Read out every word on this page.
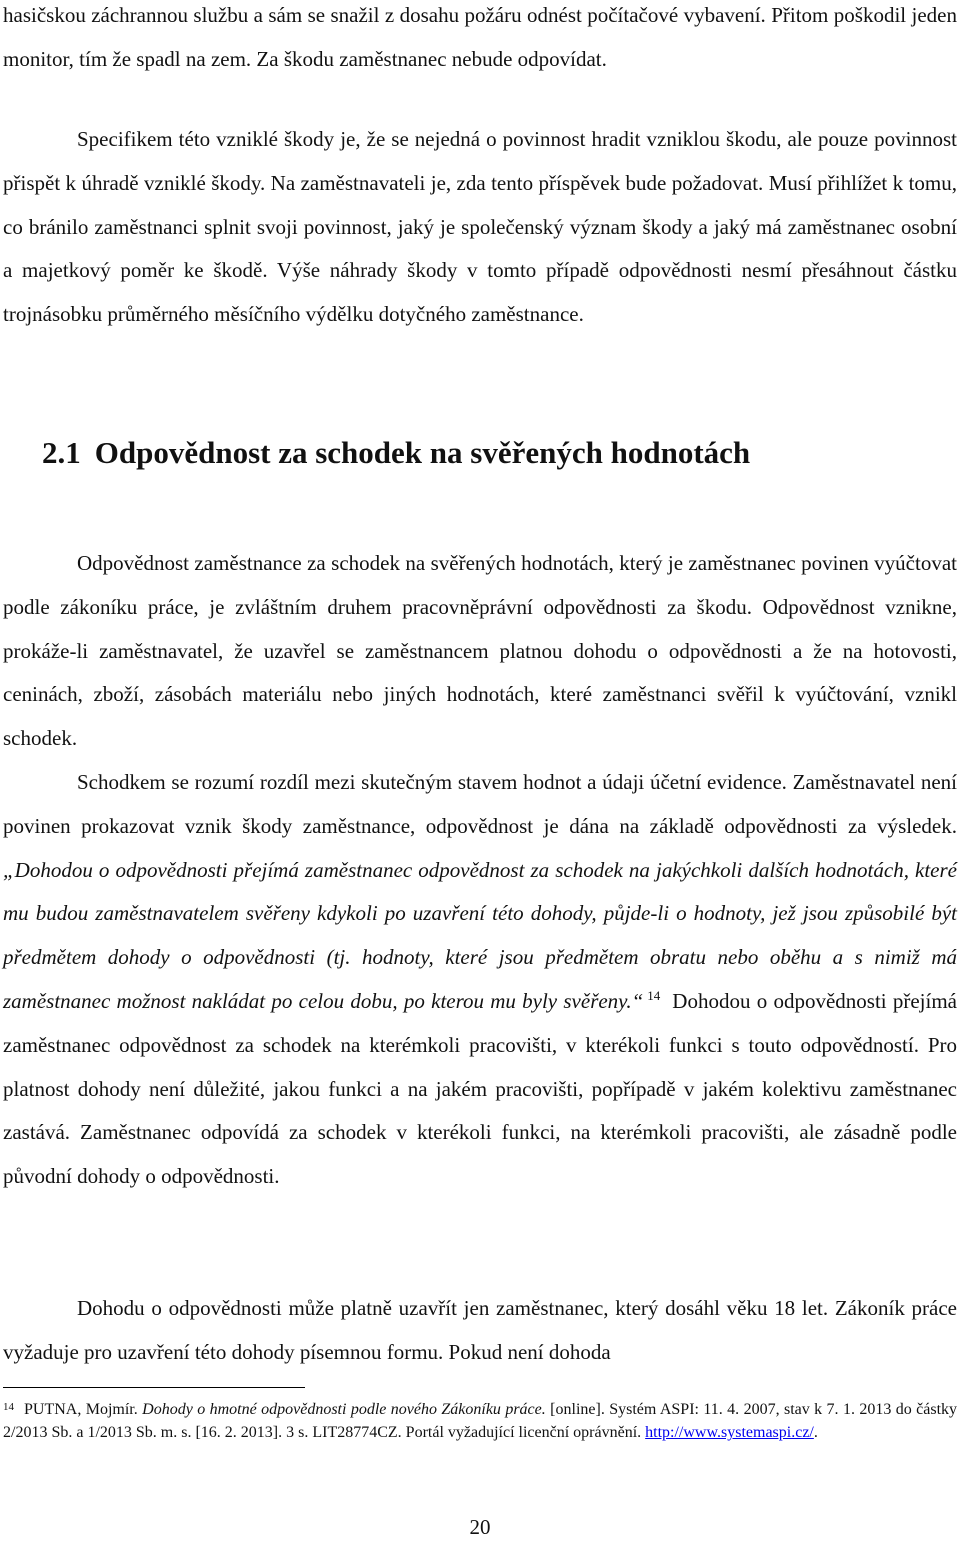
hasičskou záchrannou službu a sám se snažil z dosahu požáru odnést počítačové vybavení. Přitom poškodil jeden monitor, tím že spadl na zem. Za škodu zaměstnanec nebude odpovídat.

Specifikem této vzniklé škody je, že se nejedná o povinnost hradit vzniklou škodu, ale pouze povinnost přispět k úhradě vzniklé škody. Na zaměstnavateli je, zda tento příspěvek bude požadovat. Musí přihlížet k tomu, co bránilo zaměstnanci splnit svoji povinnost, jaký je společenský význam škody a jaký má zaměstnanec osobní a majetkový poměr ke škodě. Výše náhrady škody v tomto případě odpovědnosti nesmí přesáhnout částku trojnásobku průměrného měsíčního výdělku dotyčného zaměstnance.

2.1 Odpovědnost za schodek na svěřených hodnotách

Odpovědnost zaměstnance za schodek na svěřených hodnotách, který je zaměstnanec povinen vyúčtovat podle zákoníku práce, je zvláštním druhem pracovněprávní odpovědnosti za škodu. Odpovědnost vznikne, prokáže-li zaměstnavatel, že uzavřel se zaměstnancem platnou dohodu o odpovědnosti a že na hotovosti, ceninách, zboží, zásobách materiálu nebo jiných hodnotách, které zaměstnanci svěřil k vyúčtování, vznikl schodek.

Schodkem se rozumí rozdíl mezi skutečným stavem hodnot a údaji účetní evidence. Zaměstnavatel není povinen prokazovat vznik škody zaměstnance, odpovědnost je dána na základě odpovědnosti za výsledek. „Dohodou o odpovědnosti přejímá zaměstnanec odpovědnost za schodek na jakýchkoli dalších hodnotách, které mu budou zaměstnavatelem svěřeny kdykoli po uzavření této dohody, půjde-li o hodnoty, jež jsou způsobilé být předmětem dohody o odpovědnosti (tj. hodnoty, které jsou předmětem obratu nebo oběhu a s nimiž má zaměstnanec možnost nakládat po celou dobu, po kterou mu byly svěřeny.“ $^{14}$ Dohodou o odpovědnosti přejímá zaměstnanec odpovědnost za schodek na kterémkoli pracovišti, v kterékoli funkci s touto odpovědností. Pro platnost dohody není důležité, jakou funkci a na jakém pracovišti, popřípadě v jakém kolektivu zaměstnanec zastává. Zaměstnanec odpovídá za schodek v kterékoli funkci, na kterémkoli pracovišti, ale zásadně podle původní dohody o odpovědnosti.

Dohodu o odpovědnosti může platně uzavřít jen zaměstnanec, který dosáhl věku 18 let. Zákoník práce vyžaduje pro uzavření této dohody písemnou formu. Pokud není dohoda

$^{14}$ PUTNA, Mojmír. Dohody o hmotné odpovědnosti podle nového Zákoníku práce. [online]. Systém ASPI: 11. 4. 2007, stav k 7. 1. 2013 do částky 2/2013 Sb. a 1/2013 Sb. m. s. [16. 2. 2013]. 3 s. LIT28774CZ. Portál vyžadující licenční oprávnění. http://www.systemaspi.cz/.

20
